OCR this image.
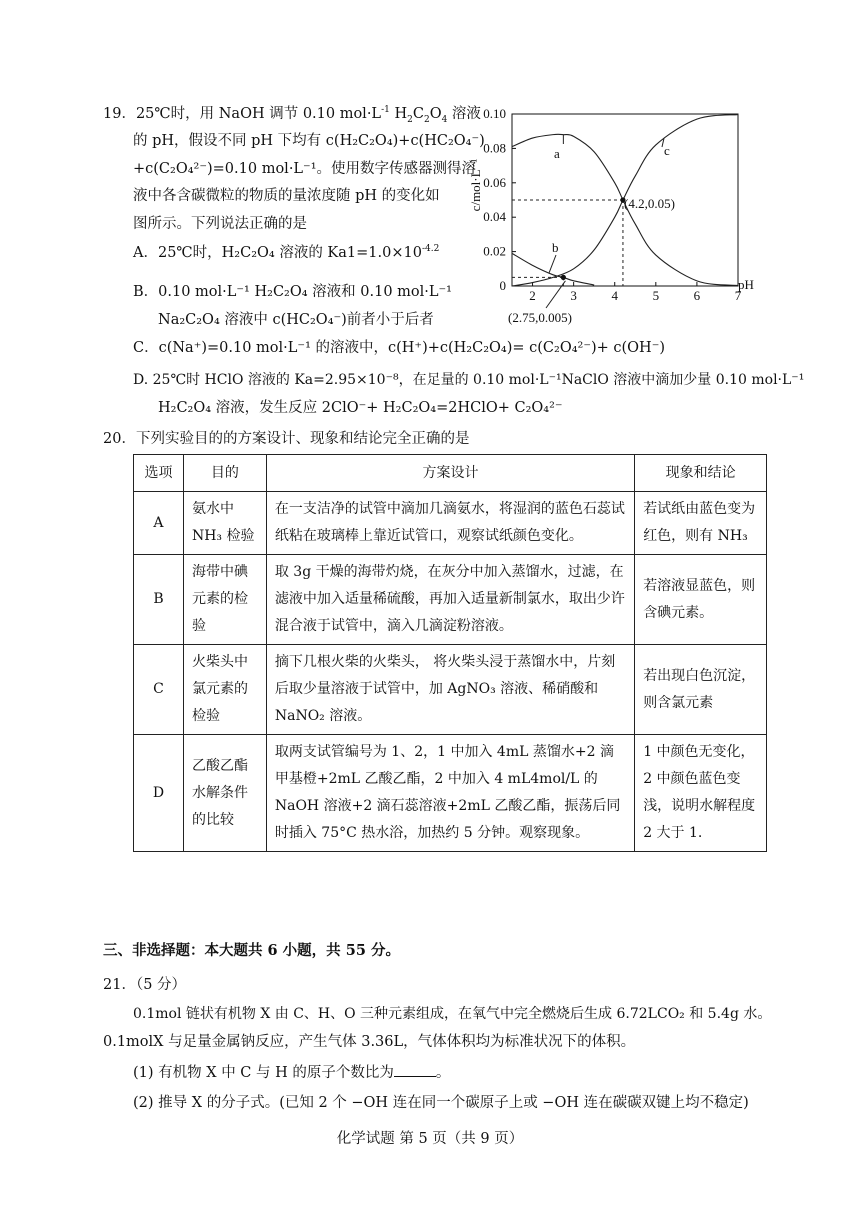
19．25℃时，用 NaOH 调节 0.10 $mol\cdot L^{-1}$ $H_2C_2O_4$ 溶液
的 pH，假设不同 pH 下均有 c(H₂C₂O₄)+c(HC₂O₄⁻)
+c(C₂O₄²⁻)=0.10 mol·L⁻¹。使用数字传感器测得溶
液中各含碳微粒的物质的量浓度随 pH 的变化如
图所示。下列说法正确的是
A．25℃时，H₂C₂O₄ 溶液的 $Ka1=1.0\times 10^{-4.2}$
B．0.10 mol·L⁻¹ H₂C₂O₄ 溶液和 0.10 mol·L⁻¹
Na₂C₂O₄ 溶液中 c(HC₂O₄⁻)前者小于后者
C．c(Na⁺)=0.10 mol·L⁻¹ 的溶液中，c(H⁺)+c(H₂C₂O₄)= c(C₂O₄²⁻)+ c(OH⁻)
D. 25℃时 HClO 溶液的 Ka=2.95×10⁻⁸，在足量的 0.10 mol·L⁻¹NaClO 溶液中滴加少量 0.10 mol·L⁻¹
H₂C₂O₄ 溶液，发生反应 2ClO⁻+ H₂C₂O₄=2HClO+ C₂O₄²⁻
2	3	4	5	6	7
0
0.02
0.04
0.06
0.08
0.10
c/mol·L⁻¹
pH
(4.2,0.05)
(2.75,0.005)
a
b
c
20．下列实验目的的方案设计、现象和结论完全正确的是
选项	目的	方案设计	现象和结论
A	氨水中 NH₃ 检验	在一支洁净的试管中滴加几滴氨水，将湿润的蓝色石蕊试纸粘在玻璃棒上靠近试管口，观察试纸颜色变化。	若试纸由蓝色变为红色，则有 NH₃
B	海带中碘元素的检验	取 3g 干燥的海带灼烧，在灰分中加入蒸馏水，过滤，在滤液中加入适量稀硫酸，再加入适量新制氯水，取出少许混合液于试管中，滴入几滴淀粉溶液。	若溶液显蓝色，则含碘元素。
C	火柴头中氯元素的检验	摘下几根火柴的火柴头， 将火柴头浸于蒸馏水中，片刻后取少量溶液于试管中，加 AgNO₃ 溶液、稀硝酸和 NaNO₂ 溶液。	若出现白色沉淀，则含氯元素
D	乙酸乙酯水解条件的比较	取两支试管编号为 1、2，1 中加入 4mL 蒸馏水+2 滴甲基橙+2mL 乙酸乙酯，2 中加入 4 mL4mol/L 的 NaOH 溶液+2 滴石蕊溶液+2mL 乙酸乙酯，振荡后同时插入 75°C 热水浴，加热约 5 分钟。观察现象。	1 中颜色无变化，2 中颜色蓝色变浅，说明水解程度 2 大于 1.
三、非选择题：本大题共 6 小题，共 55 分。
21．（5 分）
0.1mol 链状有机物 X 由 C、H、O 三种元素组成，在氧气中完全燃烧后生成 6.72LCO₂ 和 5.4g 水。
0.1molX 与足量金属钠反应，产生气体 3.36L，气体体积均为标准状况下的体积。
(1) 有机物 X 中 C 与 H 的原子个数比为	。
(2) 推导 X 的分子式。(已知 2 个 −OH 连在同一个碳原子上或 −OH 连在碳碳双键上均不稳定)
化学试题 第 5 页（共 9 页）
